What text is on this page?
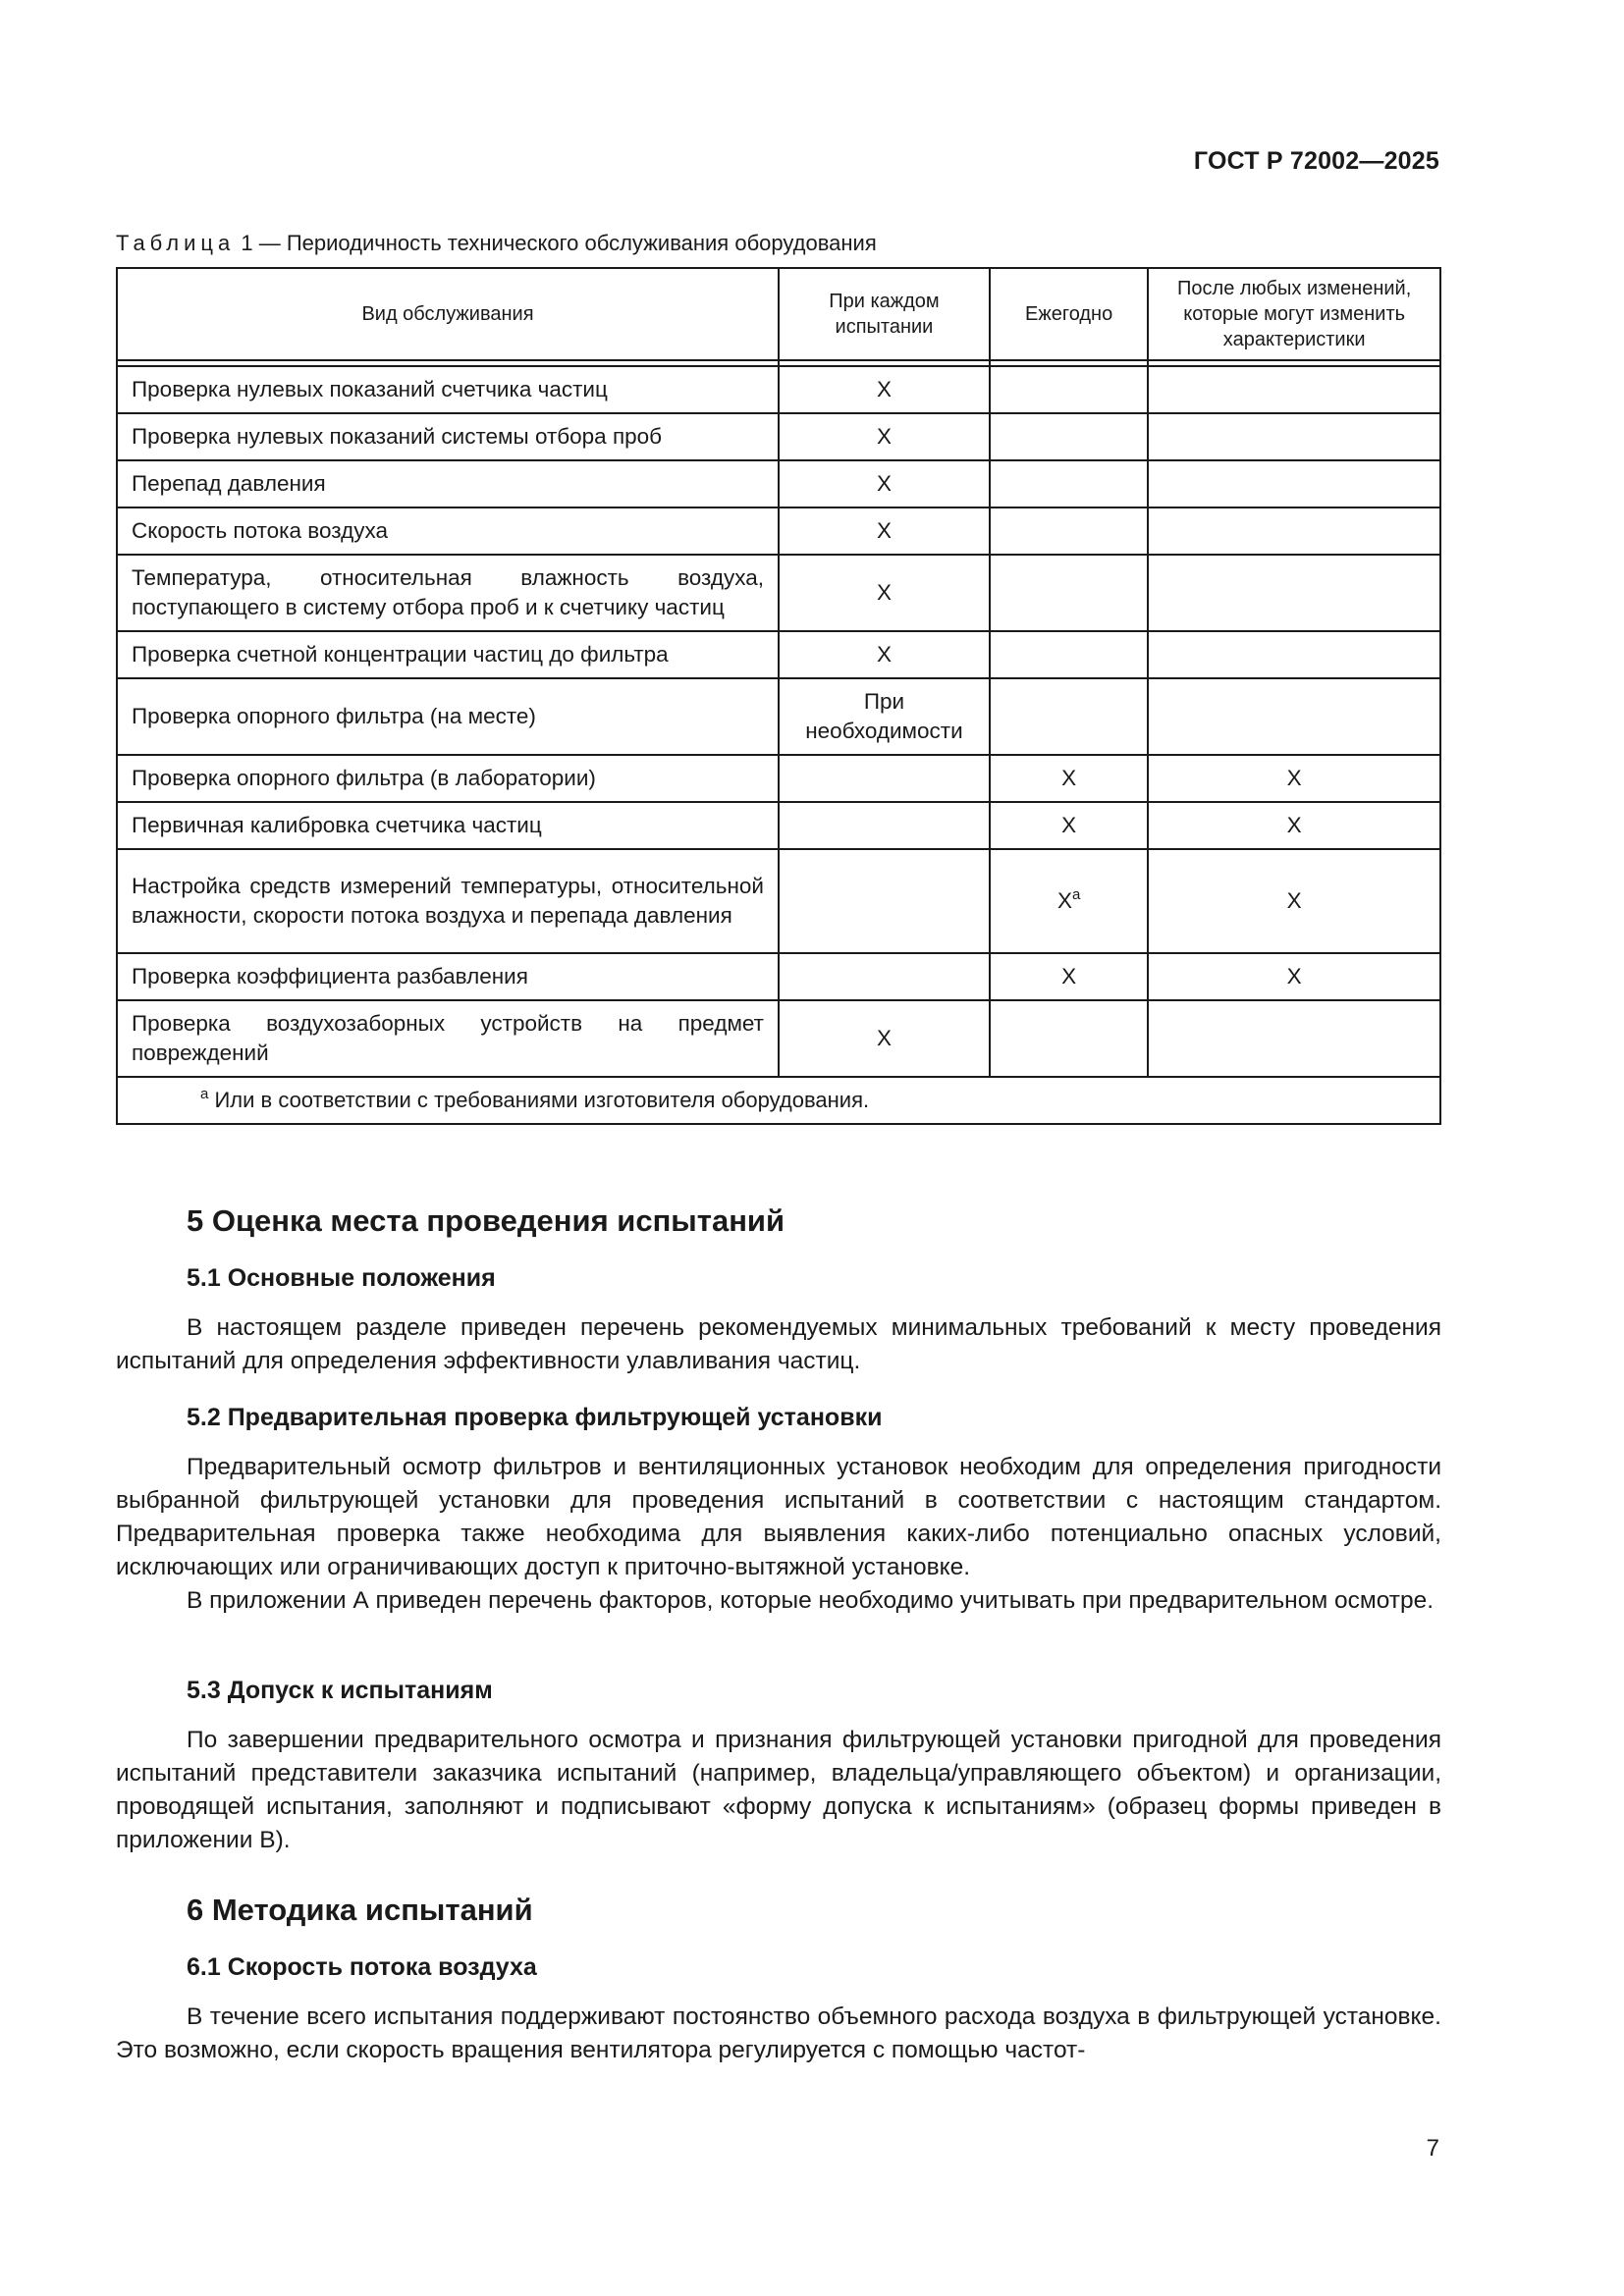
ГОСТ Р 72002—2025
Таблица 1 — Периодичность технического обслуживания оборудования
Вид обслуживания	При каждом испытании	Ежегодно	После любых изменений, которые могут изменить характеристики

Проверка нулевых показаний счетчика частиц	X		
Проверка нулевых показаний системы отбора проб	X		
Перепад давления	X		
Скорость потока воздуха	X		
Температура, относительная влажность воздуха, поступающего в систему отбора проб и к счетчику частиц	X		
Проверка счетной концентрации частиц до фильтра	X		
Проверка опорного фильтра (на месте)	При необходимости		
Проверка опорного фильтра (в лаборатории)		X	X
Первичная калибровка счетчика частиц		X	X
Настройка средств измерений температуры, относительной влажности, скорости потока воздуха и перепада давления		$X^a$	X
Проверка коэффициента разбавления		X	X
Проверка воздухозаборных устройств на предмет повреждений	X		
$^a$ Или в соответствии с требованиями изготовителя оборудования.			
5 Оценка места проведения испытаний
5.1 Основные положения
В настоящем разделе приведен перечень рекомендуемых минимальных требований к месту проведения испытаний для определения эффективности улавливания частиц.
5.2 Предварительная проверка фильтрующей установки
Предварительный осмотр фильтров и вентиляционных установок необходим для определения пригодности выбранной фильтрующей установки для проведения испытаний в соответствии с настоящим стандартом. Предварительная проверка также необходима для выявления каких-либо потенциально опасных условий, исключающих или ограничивающих доступ к приточно-вытяжной установке.
В приложении А приведен перечень факторов, которые необходимо учитывать при предварительном осмотре.
5.3 Допуск к испытаниям
По завершении предварительного осмотра и признания фильтрующей установки пригодной для проведения испытаний представители заказчика испытаний (например, владельца/управляющего объектом) и организации, проводящей испытания, заполняют и подписывают «форму допуска к испытаниям» (образец формы приведен в приложении В).
6 Методика испытаний
6.1 Скорость потока воздуха
В течение всего испытания поддерживают постоянство объемного расхода воздуха в фильтрующей установке. Это возможно, если скорость вращения вентилятора регулируется с помощью частот-
7
